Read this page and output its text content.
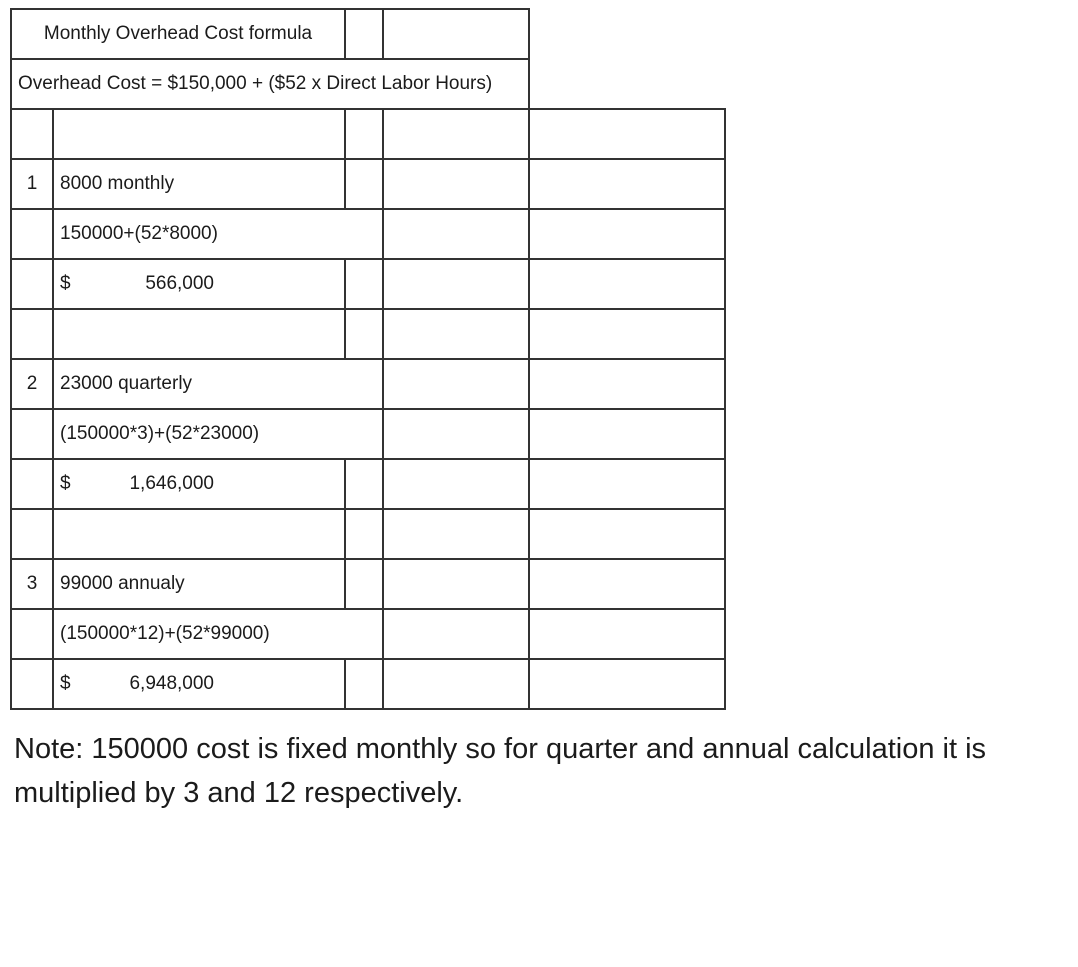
Monthly Overhead Cost formula				
Overhead Cost = $150,000 + ($52 x Direct Labor Hours)				

1	8000 monthly			
	150000+(52*8000)			
	$ 566,000			

2	23000 quarterly			
	(150000*3)+(52*23000)			
	$ 1,646,000			

3	99000 annualy			
	(150000*12)+(52*99000)			
	$ 6,948,000			

Note: 150000 cost is fixed monthly so for quarter and annual calculation it is multiplied by 3 and 12 respectively.
